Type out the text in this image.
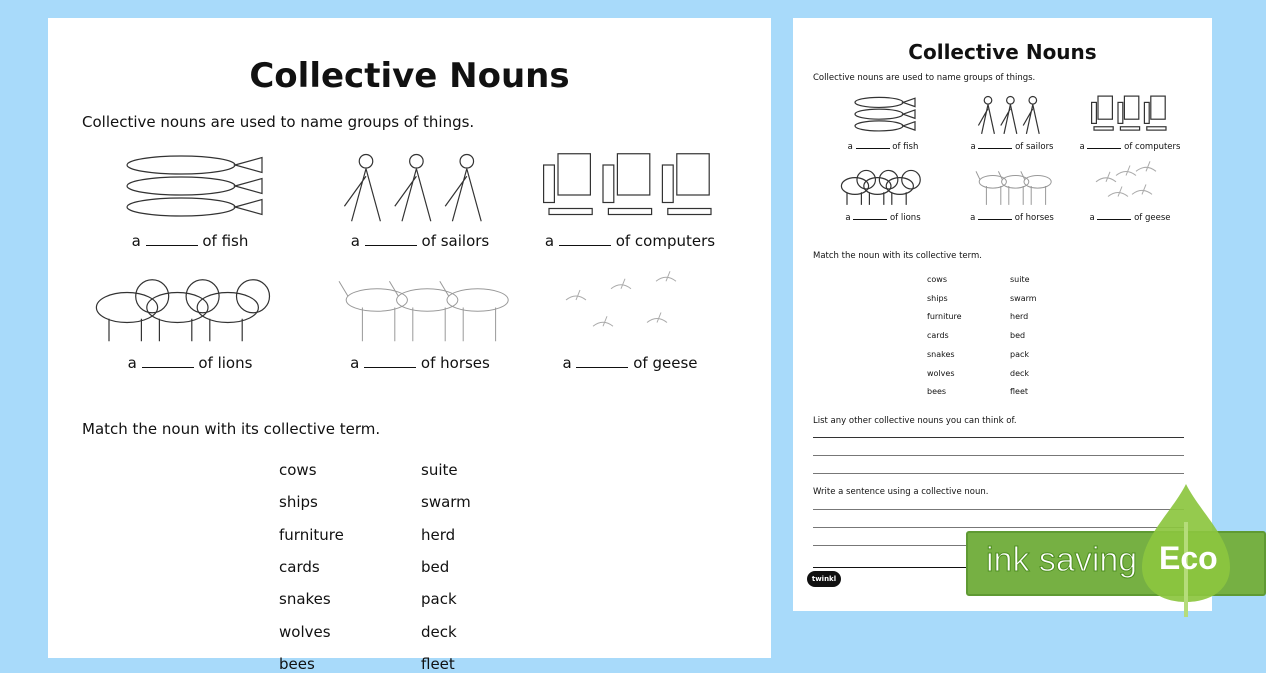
Collective Nouns
Collective nouns are used to name groups of things.
a	of fish	a	of sailors	a	of computers
a	of lions	a	of horses	a	of geese
Match the noun with its collective term.
cows	suite
ships	swarm
furniture	herd
cards	bed
snakes	pack
wolves	deck
bees	fleet
Collective Nouns
Collective nouns are used to name groups of things.
a	of fish	a	of sailors	a	of computers
a	of lions	a	of horses	a	of geese
Match the noun with its collective term.
cows	suite
ships	swarm
furniture	herd
cards	bed
snakes	pack
wolves	deck
bees	fleet
List any other collective nouns you can think of.
Write a sentence using a collective noun.
twinkl	ink saving Eco
